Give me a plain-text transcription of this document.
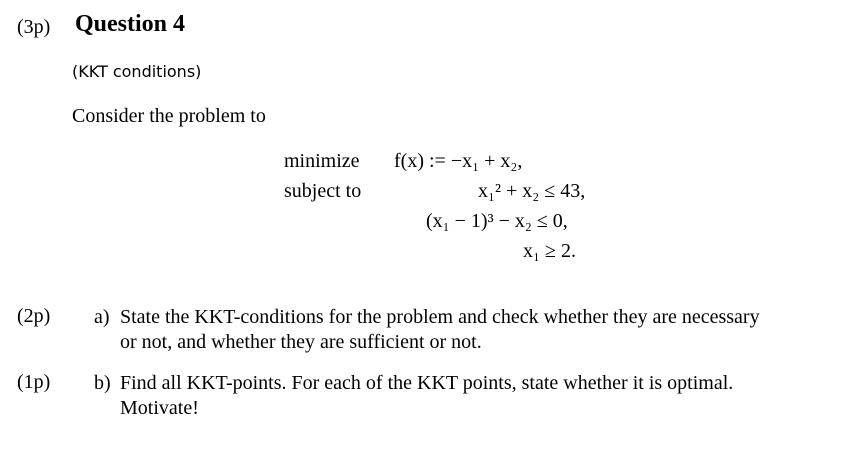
(3p) Question 4
(KKT conditions)
Consider the problem to
minimize
subject to
f(x) := −x₁ + x₂,
x₁² + x₂ ≤ 43,
(x₁ − 1)³ − x₂ ≤ 0,
x₁ ≥ 2.
(2p) a) State the KKT-conditions for the problem and check whether they are necessary
or not, and whether they are sufficient or not.
(1p) b) Find all KKT-points. For each of the KKT points, state whether it is optimal.
Motivate!
